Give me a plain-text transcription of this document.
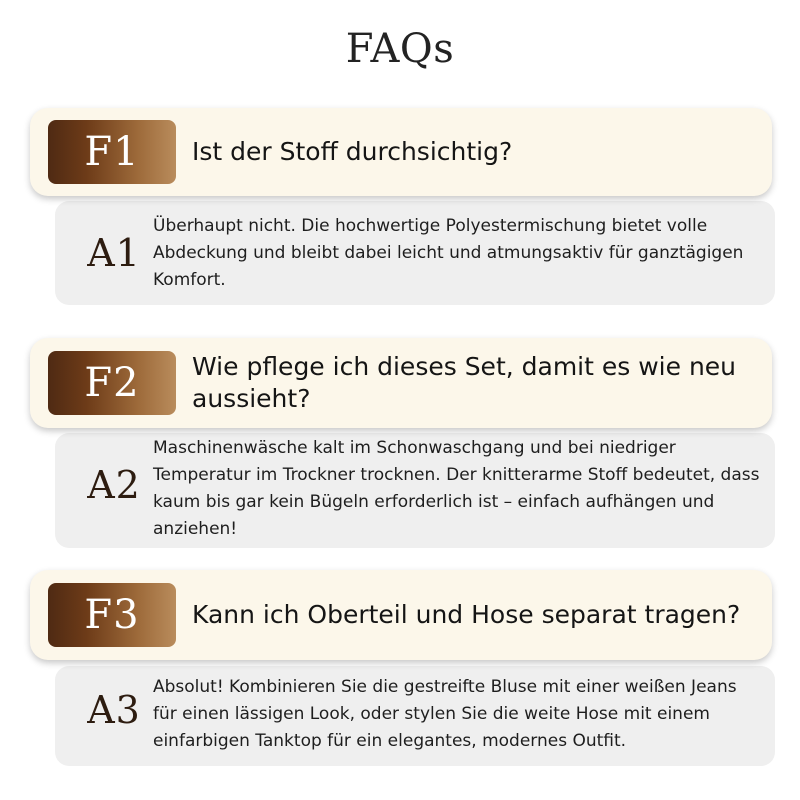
FAQs
F1	Ist der Stoff durchsichtig?
A1
Überhaupt nicht. Die hochwertige Polyestermischung bietet volle Abdeckung und bleibt dabei leicht und atmungsaktiv für ganztägigen Komfort.
F2	Wie pflege ich dieses Set, damit es wie neu aussieht?
A2
Maschinenwäsche kalt im Schonwaschgang und bei niedriger Temperatur im Trockner trocknen. Der knitterarme Stoff bedeutet, dass kaum bis gar kein Bügeln erforderlich ist – einfach aufhängen und anziehen!
F3	Kann ich Oberteil und Hose separat tragen?
A3
Absolut! Kombinieren Sie die gestreifte Bluse mit einer weißen Jeans für einen lässigen Look, oder stylen Sie die weite Hose mit einem einfarbigen Tanktop für ein elegantes, modernes Outfit.
